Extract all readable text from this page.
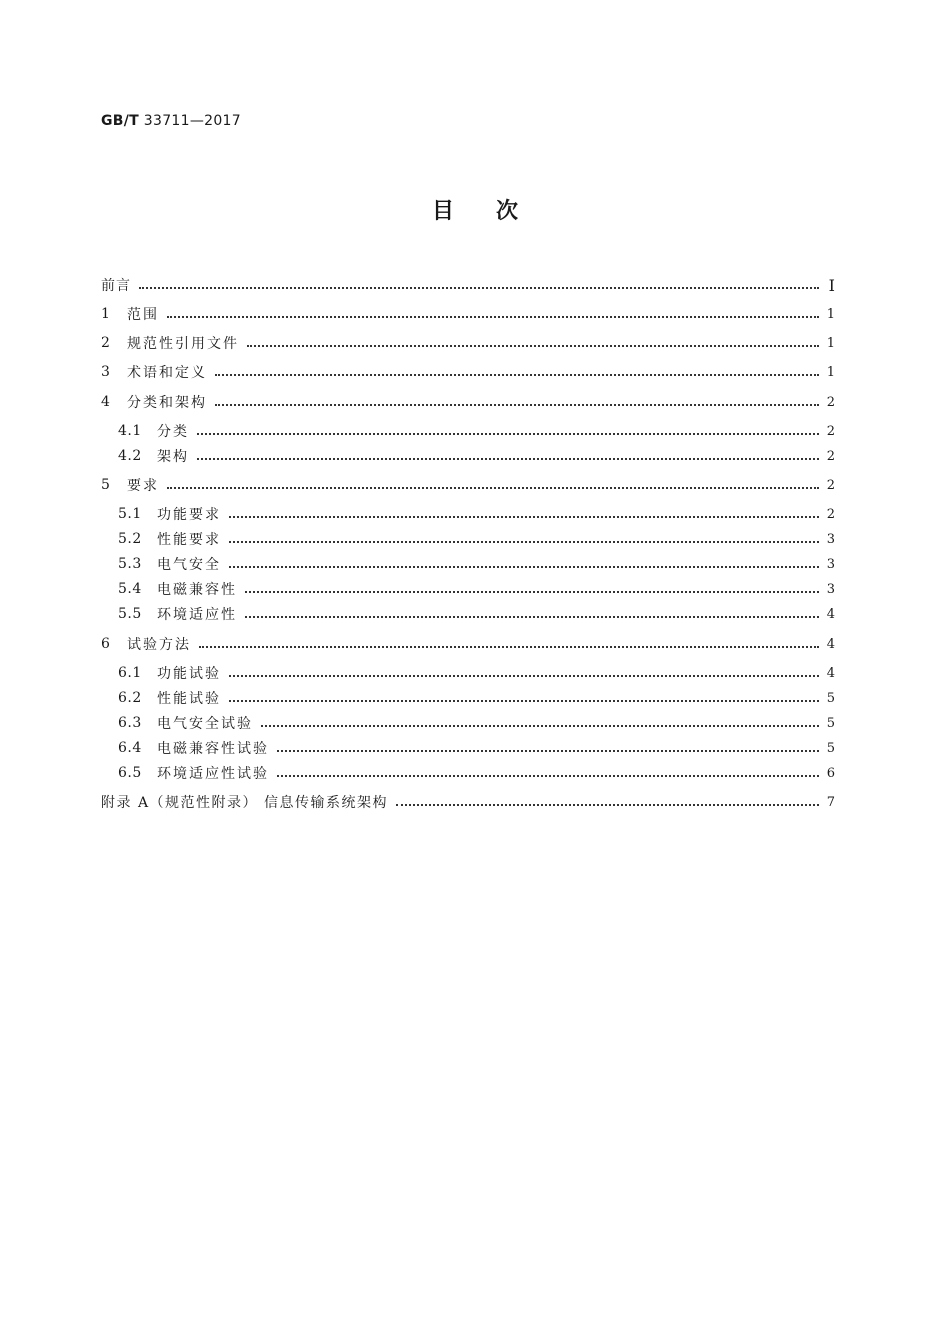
GB/T 33711—2017
目次
前言	Ⅰ
1	范围	1
2	规范性引用文件	1
3	术语和定义	1
4	分类和架构	2
4.1	分类	2
4.2	架构	2
5	要求	2
5.1	功能要求	2
5.2	性能要求	3
5.3	电气安全	3
5.4	电磁兼容性	3
5.5	环境适应性	4
6	试验方法	4
6.1	功能试验	4
6.2	性能试验	5
6.3	电气安全试验	5
6.4	电磁兼容性试验	5
6.5	环境适应性试验	6
附录 A（规范性附录） 信息传输系统架构	7
